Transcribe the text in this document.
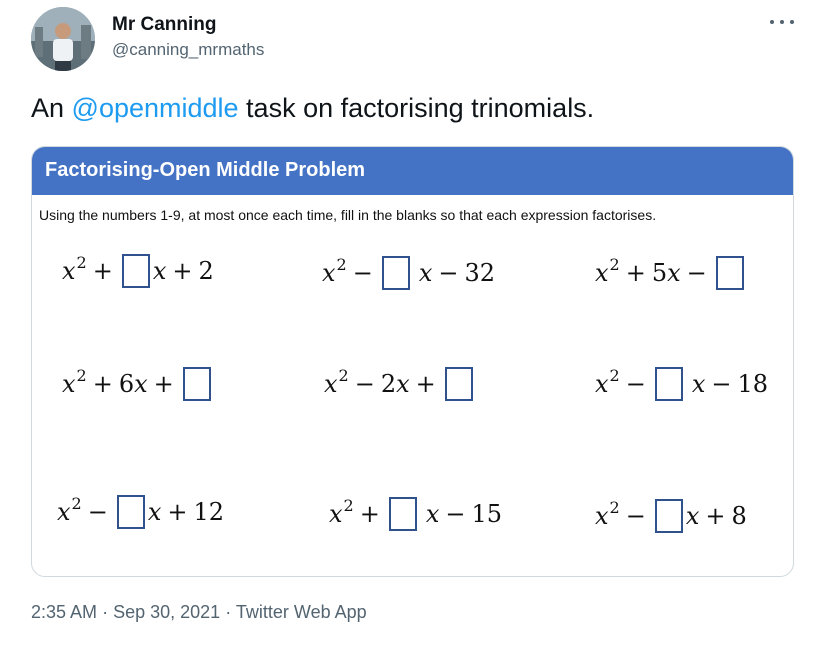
Mr Canning
@canning_mrmaths
An @openmiddle task on factorising trinomials.
Factorising-Open Middle Problem
Using the numbers 1-9, at most once each time, fill in the blanks so that each expression factorises.
$x^2 + x + 2$	$x^2 - x - 32$	$x^2 + 5$ x −
$x^2 + 6$ x +	$x^2 - 2$ x +	$x^2 - x - 18$
$x^2 - x + 12$	$x^2 + x - 15$	$x^2 - x + 8$
2:35 AM · Sep 30, 2021 · Twitter Web App
